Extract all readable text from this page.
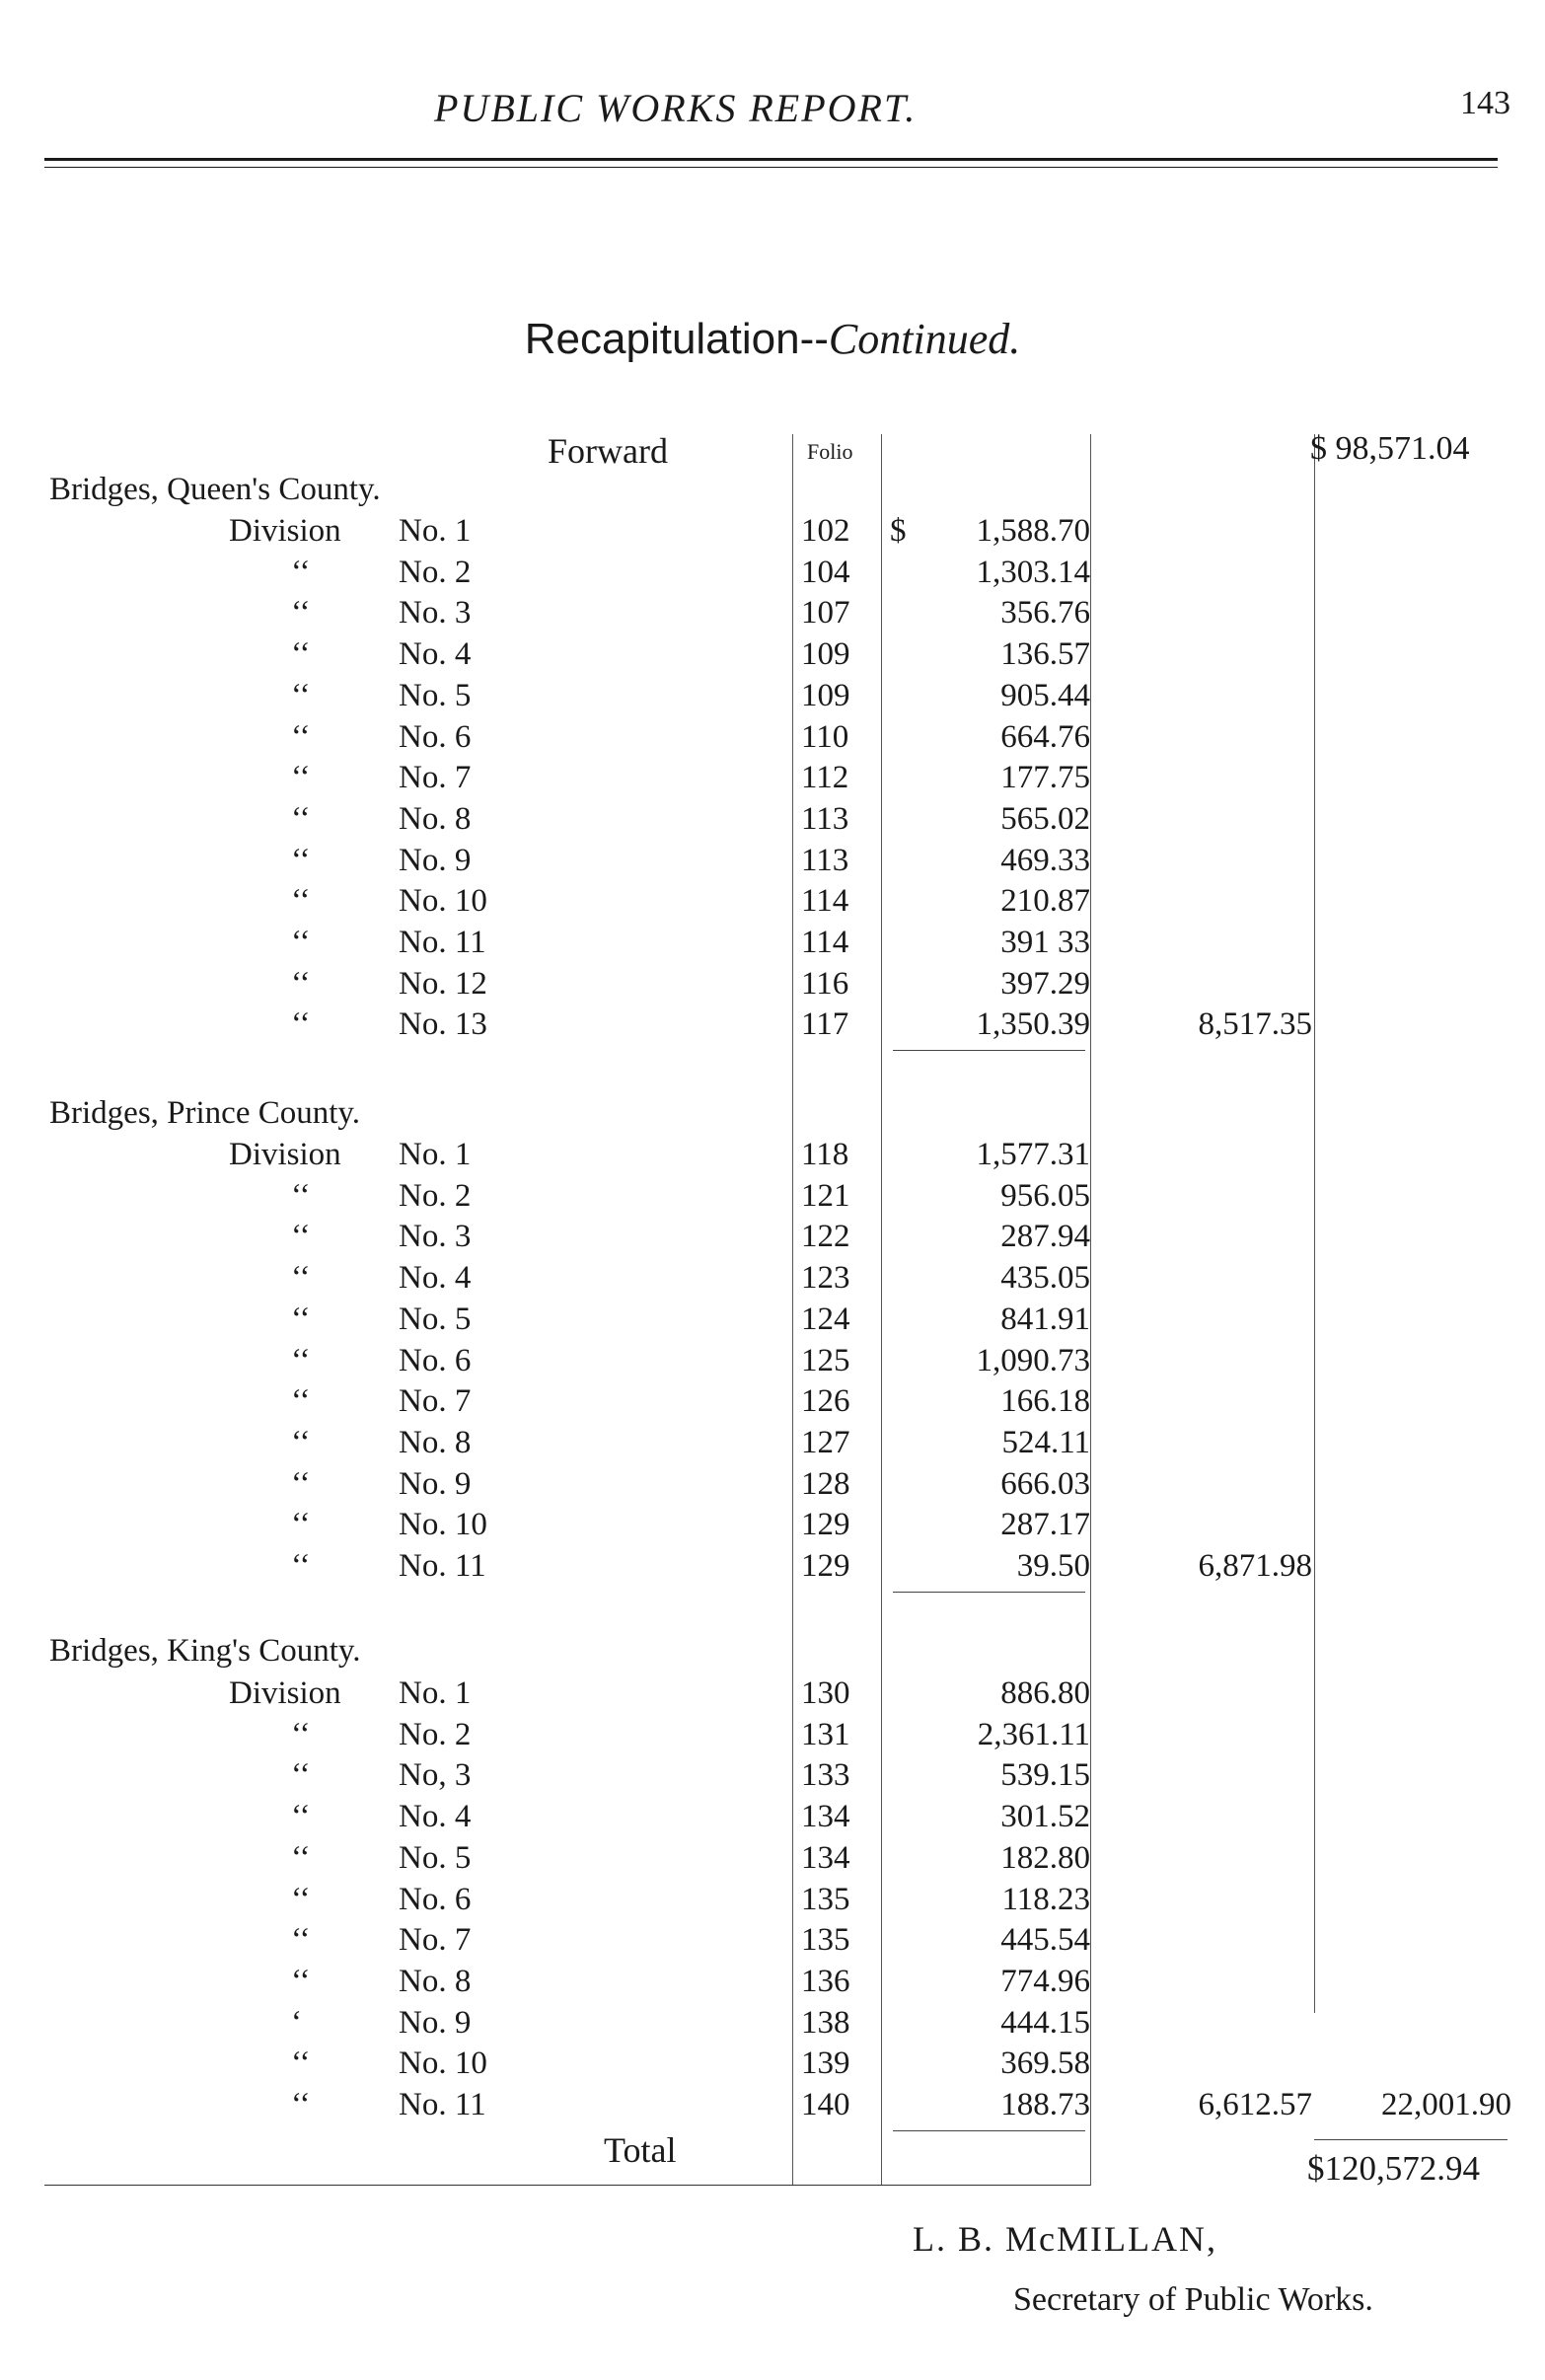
PUBLIC WORKS REPORT.	143
Recapitulation--Continued.
Forward	Folio	$ 98,571.04
Bridges, Queen's County.
Division No. 1	102 $ 1,588.70
‘‘	No. 2	104	1,303.14
‘‘	No. 3	107	356.76
‘‘	No. 4	109	136.57
‘‘	No. 5	109	905.44
‘‘	No. 6	110	664.76
‘‘	No. 7	112	177.75
‘‘	No. 8	113	565.02
‘‘	No. 9	113	469.33
‘‘	No. 10	114	210.87
‘‘	No. 11	114	391 33
‘‘	No. 12	116	397.29
‘‘	No. 13	117	1,350.39	8,517.35
Bridges, Prince County.
Division No. 1	118	1,577.31
‘‘	No. 2	121	956.05
‘‘	No. 3	122	287.94
‘‘	No. 4	123	435.05
‘‘	No. 5	124	841.91
‘‘	No. 6	125	1,090.73
‘‘	No. 7	126	166.18
‘‘	No. 8	127	524.11
‘‘	No. 9	128	666.03
‘‘	No. 10	129	287.17
‘‘	No. 11	129	39.50	6,871.98
Bridges, King's County.
Division No. 1	130	886.80
‘‘	No. 2	131	2,361.11
‘‘	No, 3	133	539.15
‘‘	No. 4	134	301.52
‘‘	No. 5	134	182.80
‘‘	No. 6	135	118.23
‘‘	No. 7	135	445.54
‘‘	No. 8	136	774.96
‘	No. 9	138	444.15
‘‘	No. 10	139	369.58
‘‘	No. 11	140	188.73	6,612.57 22,001.90
Total	$120,572.94
L. B. McMILLAN,
Secretary of Public Works.
